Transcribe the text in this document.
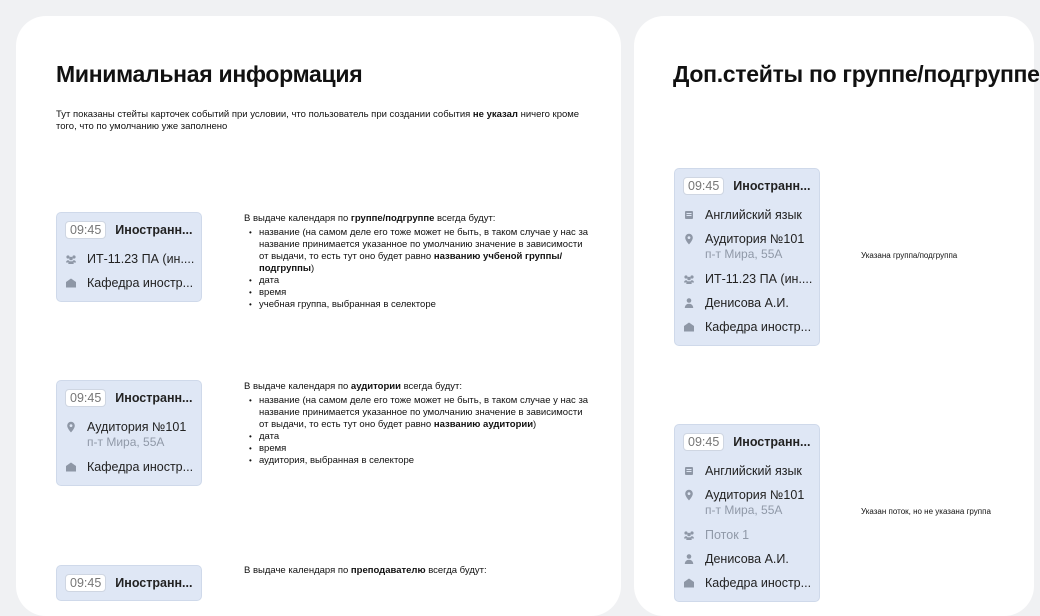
Минимальная информация
Тут показаны стейты карточек событий при условии, что пользователь при создании события не указал ничего кроме того, что по умолчанию уже заполнено
09:45	Иностранн...
ИТ-11.23 ПА (ин....
Кафедра иностр...
В выдаче календаря по группе/подгруппе всегда будут:
• название (на самом деле его тоже может не быть, в таком случае у нас за название принимается указанное по умолчанию значение в зависимости от выдачи, то есть тут оно будет равно названию учбеной группы/подгруппы)
• дата
• время
• учебная группа, выбранная в селекторе
09:45	Иностранн...
Аудитория №101
п-т Мира, 55А
Кафедра иностр...
В выдаче календаря по аудитории всегда будут:
• название (на самом деле его тоже может не быть, в таком случае у нас за название принимается указанное по умолчанию значение в зависимости от выдачи, то есть тут оно будет равно названию аудитории)
• дата
• время
• аудитория, выбранная в селекторе
09:45	Иностранн...
В выдаче календаря по преподавателю всегда будут:
Доп.стейты по группе/подгруппе
09:45	Иностранн...
Английский язык
Аудитория №101
п-т Мира, 55А
ИТ-11.23 ПА (ин....
Денисова А.И.
Кафедра иностр...
Указана группа/подгруппа
09:45	Иностранн...
Английский язык
Аудитория №101
п-т Мира, 55А
Поток 1
Денисова А.И.
Кафедра иностр...
Указан поток, но не указана группа
